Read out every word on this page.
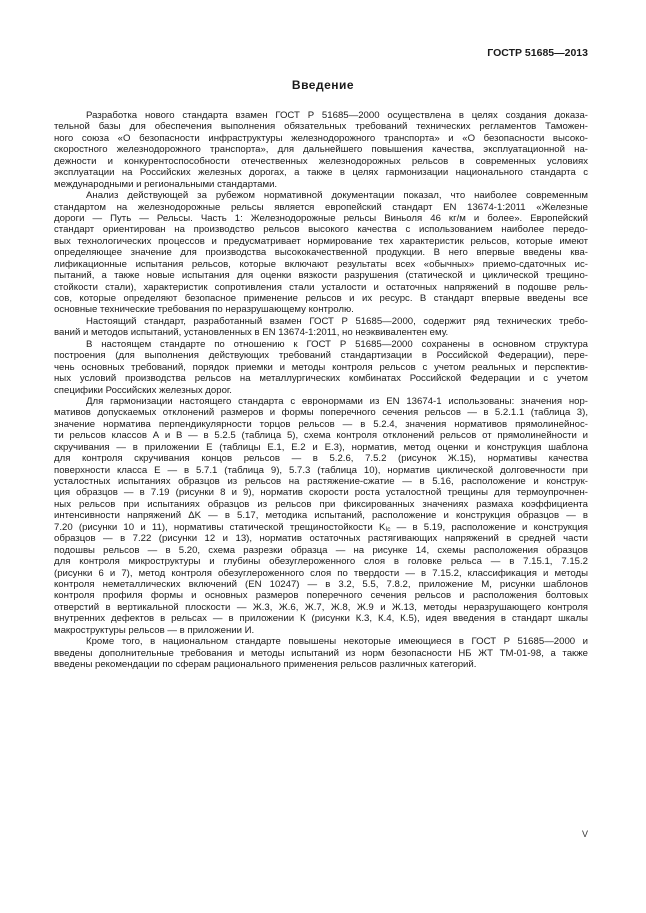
ГОСТР 51685—2013
Введение
Разработка нового стандарта взамен ГОСТ Р 51685—2000 осуществлена в целях создания доказа-
тельной базы для обеспечения выполнения обязательных требований технических регламентов Таможен-
ного союза «О безопасности инфраструктуры железнодорожного транспорта» и «О безопасности высоко-
скоростного железнодорожного транспорта», для дальнейшего повышения качества, эксплуатационной на-
дежности и конкурентоспособности отечественных железнодорожных рельсов в современных условиях
эксплуатации на Российских железных дорогах, а также в целях гармонизации национального стандарта с
международными и региональными стандартами.
Анализ действующей за рубежом нормативной документации показал, что наиболее современным
стандартом на железнодорожные рельсы является европейский стандарт EN 13674-1:2011 «Железные
дороги — Путь — Рельсы. Часть 1: Железнодорожные рельсы Виньоля 46 кг/м и более». Европейский
стандарт ориентирован на производство рельсов высокого качества с использованием наиболее передо-
вых технологических процессов и предусматривает нормирование тех характеристик рельсов, которые имеют
определяющее значение для производства высококачественной продукции. В него впервые введены ква-
лификационные испытания рельсов, которые включают результаты всех «обычных» приемо-сдаточных ис-
пытаний, а также новые испытания для оценки вязкости разрушения (статической и циклической трещино-
стойкости стали), характеристик сопротивления стали усталости и остаточных напряжений в подошве рель-
сов, которые определяют безопасное применение рельсов и их ресурс. В стандарт впервые введены все
основные технические требования по неразрушающему контролю.
Настоящий стандарт, разработанный взамен ГОСТ Р 51685—2000, содержит ряд технических требо-
ваний и методов испытаний, установленных в EN 13674-1:2011, но неэквивалентен ему.
В настоящем стандарте по отношению к ГОСТ Р 51685—2000 сохранены в основном структура
построения (для выполнения действующих требований стандартизации в Российской Федерации), пере-
чень основных требований, порядок приемки и методы контроля рельсов с учетом реальных и перспектив-
ных условий производства рельсов на металлургических комбинатах Российской Федерации и с учетом
специфики Российских железных дорог.
Для гармонизации настоящего стандарта с евронормами из EN 13674-1 использованы: значения нор-
мативов допускаемых отклонений размеров и формы поперечного сечения рельсов — в 5.2.1.1 (таблица 3),
значение норматива перпендикулярности торцов рельсов — в 5.2.4, значения нормативов прямолинейнос-
ти рельсов классов А и В — в 5.2.5 (таблица 5), схема контроля отклонений рельсов от прямолинейности и
скручивания — в приложении Е (таблицы Е.1, Е.2 и Е.3), норматив, метод оценки и конструкция шаблона
для контроля скручивания концов рельсов — в 5.2.6, 7.5.2 (рисунок Ж.15), нормативы качества
поверхности класса Е — в 5.7.1 (таблица 9), 5.7.3 (таблица 10), норматив циклической долговечности при
усталостных испытаниях образцов из рельсов на растяжение-сжатие — в 5.16, расположение и конструк-
ция образцов — в 7.19 (рисунки 8 и 9), норматив скорости роста усталостной трещины для термоупрочнен-
ных рельсов при испытаниях образцов из рельсов при фиксированных значениях размаха коэффициента
интенсивности напряжений ΔK — в 5.17, методика испытаний, расположение и конструкция образцов — в
7.20 (рисунки 10 и 11), нормативы статической трещиностойкости $K_{Ic}$ — в 5.19, расположение и конструкция
образцов — в 7.22 (рисунки 12 и 13), норматив остаточных растягивающих напряжений в средней части
подошвы рельсов — в 5.20, схема разрезки образца — на рисунке 14, схемы расположения образцов
для контроля микроструктуры и глубины обезуглероженного слоя в головке рельса — в 7.15.1, 7.15.2
(рисунки 6 и 7), метод контроля обезуглероженного слоя по твердости — в 7.15.2, классификация и методы
контроля неметаллических включений (EN 10247) — в 3.2, 5.5, 7.8.2, приложение М, рисунки шаблонов
контроля профиля формы и основных размеров поперечного сечения рельсов и расположения болтовых
отверстий в вертикальной плоскости — Ж.3, Ж.6, Ж.7, Ж.8, Ж.9 и Ж.13, методы неразрушающего контроля
внутренних дефектов в рельсах — в приложении К (рисунки К.3, К.4, К.5), идея введения в стандарт шкалы
макроструктуры рельсов — в приложении И.
Кроме того, в национальном стандарте повышены некоторые имеющиеся в ГОСТ Р 51685—2000 и
введены дополнительные требования и методы испытаний из норм безопасности НБ ЖТ ТМ-01-98, а также
введены рекомендации по сферам рационального применения рельсов различных категорий.
V
